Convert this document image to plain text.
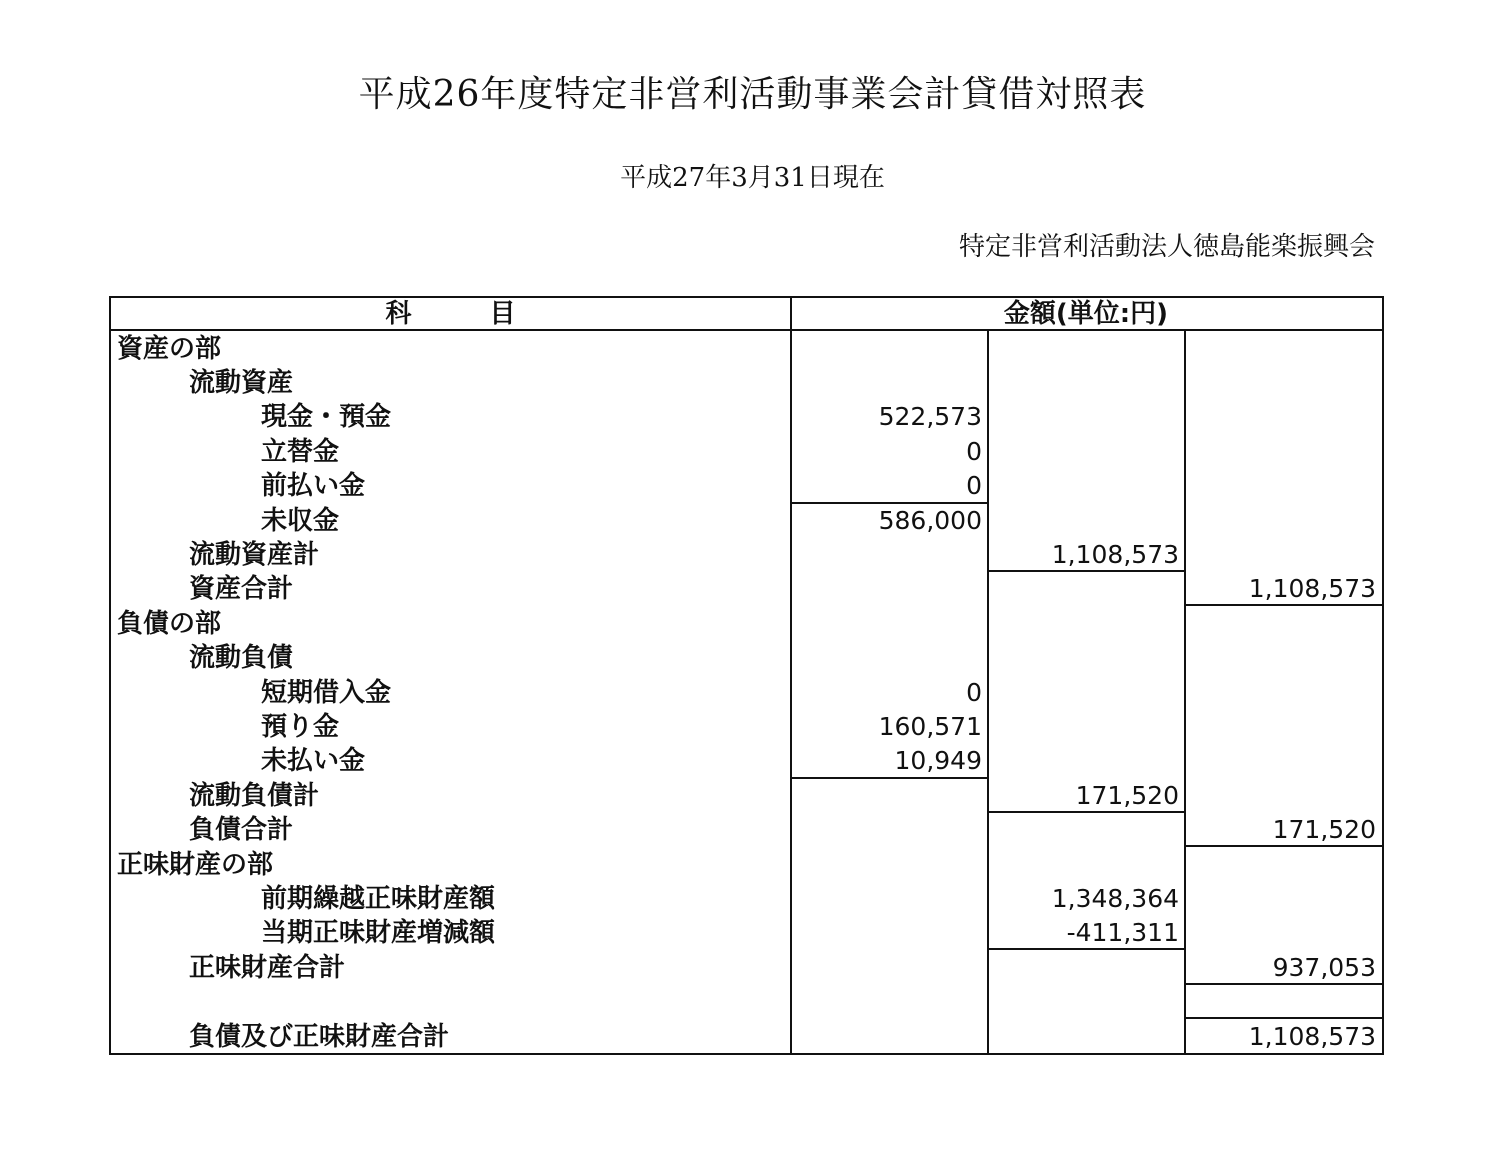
平成26年度特定非営利活動事業会計貸借対照表
平成27年3月31日現在
特定非営利活動法人徳島能楽振興会
科　　　目	金額(単位:円)
資産の部
流動資産
現金・預金
立替金
前払い金
未収金
流動資産計
資産合計
負債の部
流動負債
短期借入金
預り金
未払い金
流動負債計
負債合計
正味財産の部
前期繰越正味財産額
当期正味財産増減額
正味財産合計
負債及び正味財産合計
522,573
0
0
586,000
1,108,573
1,108,573
0
160,571
10,949
171,520
171,520
1,348,364
-411,311
937,053
1,108,573
